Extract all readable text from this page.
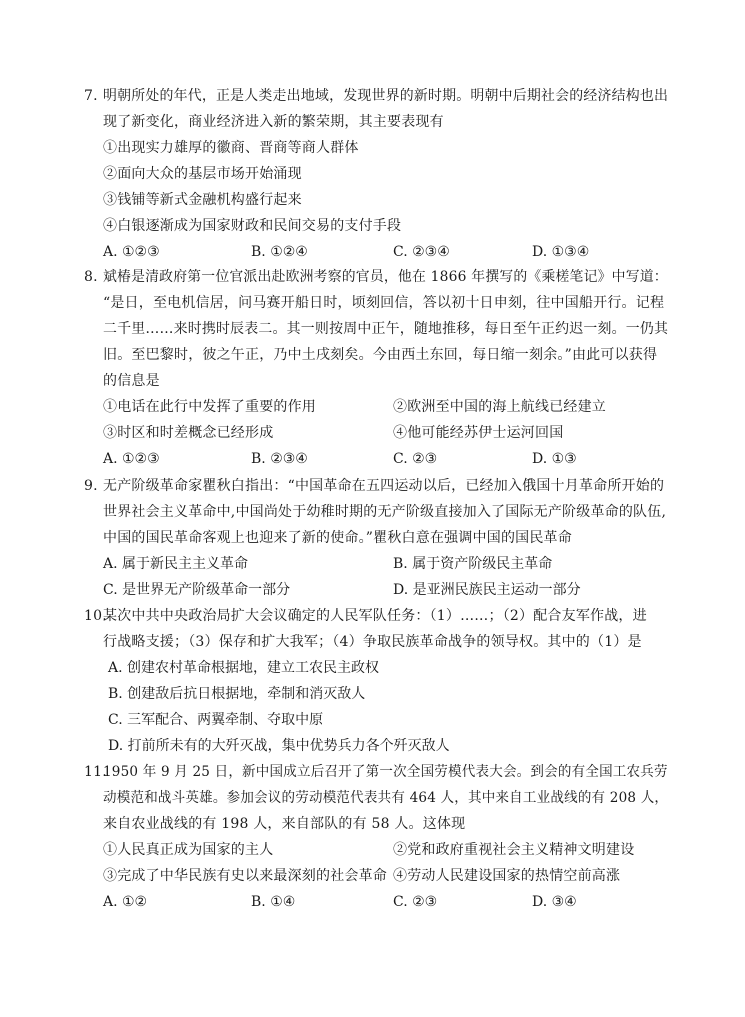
7. 明朝所处的年代，正是人类走出地域，发现世界的新时期。明朝中后期社会的经济结构也出
现了新变化，商业经济进入新的繁荣期，其主要表现有
①出现实力雄厚的徽商、晋商等商人群体
②面向大众的基层市场开始涌现
③钱铺等新式金融机构盛行起来
④白银逐渐成为国家财政和民间交易的支付手段
A. ①②③	B. ①②④	C. ②③④	D. ①③④
8. 斌椿是清政府第一位官派出赴欧洲考察的官员，他在 1866 年撰写的《乘槎笔记》中写道：
“是日，至电机信居，问马赛开船日时，顷刻回信，答以初十日申刻，往中国船开行。记程
二千里……来时携时辰表二。其一则按周中正午，随地推移，每日至午正约迟一刻。一仍其
旧。至巴黎时，彼之午正，乃中土戌刻矣。今由西土东回，每日缩一刻余。”由此可以获得
的信息是
①电话在此行中发挥了重要的作用	②欧洲至中国的海上航线已经建立
③时区和时差概念已经形成	④他可能经苏伊士运河回国
A. ①②③	B. ②③④	C. ②③	D. ①③
9. 无产阶级革命家瞿秋白指出：“中国革命在五四运动以后，已经加入俄国十月革命所开始的
世界社会主义革命中,中国尚处于幼稚时期的无产阶级直接加入了国际无产阶级革命的队伍,
中国的国民革命客观上也迎来了新的使命。”瞿秋白意在强调中国的国民革命
A. 属于新民主主义革命	B. 属于资产阶级民主革命
C. 是世界无产阶级革命一部分	D. 是亚洲民族民主运动一部分
10.
某次中共中央政治局扩大会议确定的人民军队任务：（1）……；（2）配合友军作战，进
行战略支援；（3）保存和扩大我军；（4）争取民族革命战争的领导权。其中的（1）是
A. 创建农村革命根据地，建立工农民主政权
B. 创建敌后抗日根据地，牵制和消灭敌人
C. 三军配合、两翼牵制、夺取中原
D. 打前所未有的大歼灭战，集中优势兵力各个歼灭敌人
11.
1950 年 9 月 25 日，新中国成立后召开了第一次全国劳模代表大会。到会的有全国工农兵劳
动模范和战斗英雄。参加会议的劳动模范代表共有 464 人，其中来自工业战线的有 208 人，
来自农业战线的有 198 人，来自部队的有 58 人。这体现
①人民真正成为国家的主人	②党和政府重视社会主义精神文明建设
③完成了中华民族有史以来最深刻的社会革命 ④劳动人民建设国家的热情空前高涨
A. ①②	B. ①④	C. ②③	D. ③④
